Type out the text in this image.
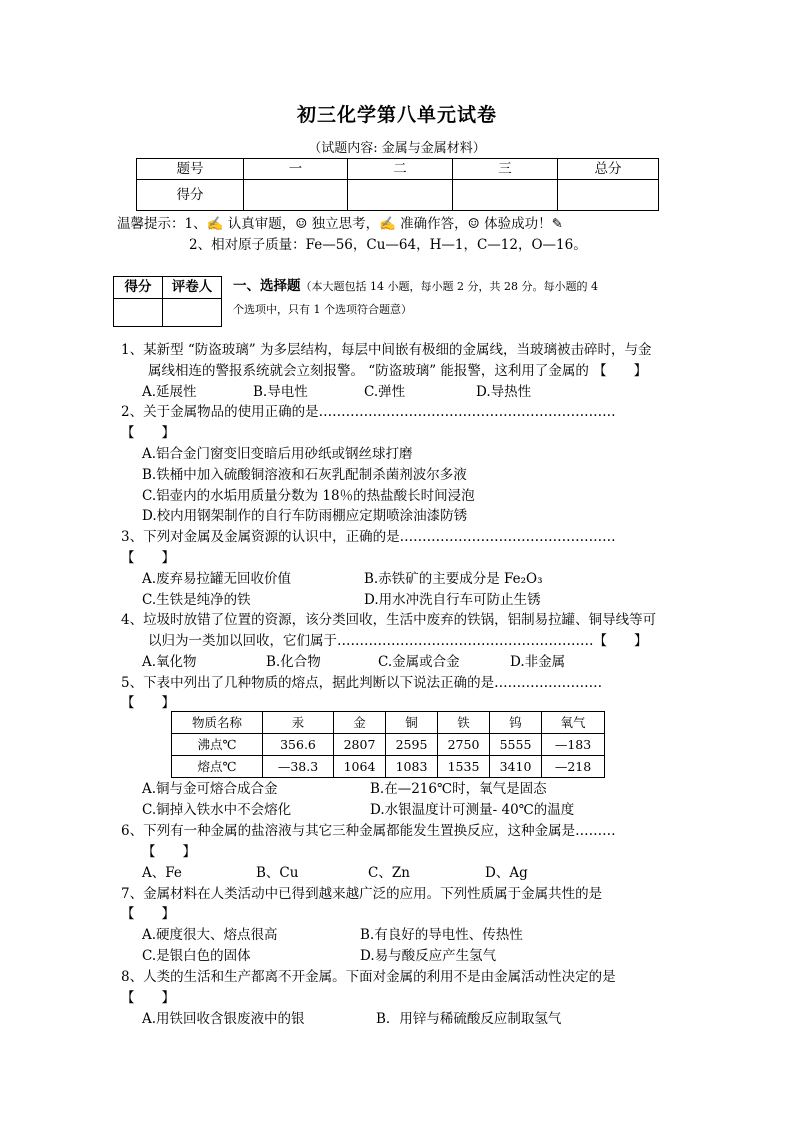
初三化学第八单元试卷
（试题内容: 金属与金属材料）
题号	一	二	三	总分
得分				
温馨提示：1、✍ 认真审题，☺ 独立思考，✍ 准确作答，☺ 体验成功！✎
2、相对原子质量：Fe—56，Cu—64，H—1，C—12，O—16。
得分	评卷人
	一、选择题（本大题包括 14 小题，每小题 2 分，共 28 分。每小题的 4
个选项中，只有 1 个选项符合题意）
1、某新型 “防盗玻璃” 为多层结构，每层中间嵌有极细的金属线，当玻璃被击碎时，与金
　　属线相连的警报系统就会立刻报警。 “防盗玻璃” 能报警，这利用了金属的 【　　】
A.延展性	B.导电性	C.弹性	D.导热性
2、关于金属物品的使用正确的是…………………………………………………………
【　　】
A.铝合金门窗变旧变暗后用砂纸或钢丝球打磨
B.铁桶中加入硫酸铜溶液和石灰乳配制杀菌剂波尔多液
C.铝壶内的水垢用质量分数为 18％的热盐酸长时间浸泡
D.校内用钢架制作的自行车防雨棚应定期喷涂油漆防锈
3、下列对金属及金属资源的认识中，正确的是…………………………………………
【　　】
A.废弃易拉罐无回收价值	B.赤铁矿的主要成分是 Fe₂O₃
C.生铁是纯净的铁	D.用水冲洗自行车可防止生锈
4、垃圾时放错了位置的资源，该分类回收，生活中废弃的铁锅，铝制易拉罐、铜导线等可
　　以归为一类加以回收，它们属于…………………………………………………【　　】
A.氧化物	B.化合物	C.金属或合金	D.非金属
5、下表中列出了几种物质的熔点，据此判断以下说法正确的是……………………
【　　】
物质名称	汞	金	铜	铁	钨	氧气
沸点℃	356.6	2807	2595	2750	5555	—183
熔点℃	—38.3	1064	1083	1535	3410	—218
A.铜与金可熔合成合金	B.在—216℃时，氧气是固态
C.铜掉入铁水中不会熔化	D.水银温度计可测量- 40℃的温度
6、下列有一种金属的盐溶液与其它三种金属都能发生置换反应，这种金属是………
【　　】
A、Fe	B、Cu	C、Zn	D、Ag
7、金属材料在人类活动中已得到越来越广泛的应用。下列性质属于金属共性的是
【　　】
A.硬度很大、熔点很高	B.有良好的导电性、传热性
C.是银白色的固体	D.易与酸反应产生氢气
8、人类的生活和生产都离不开金属。下面对金属的利用不是由金属活动性决定的是
【　　】
A.用铁回收含银废液中的银	B．用锌与稀硫酸反应制取氢气
